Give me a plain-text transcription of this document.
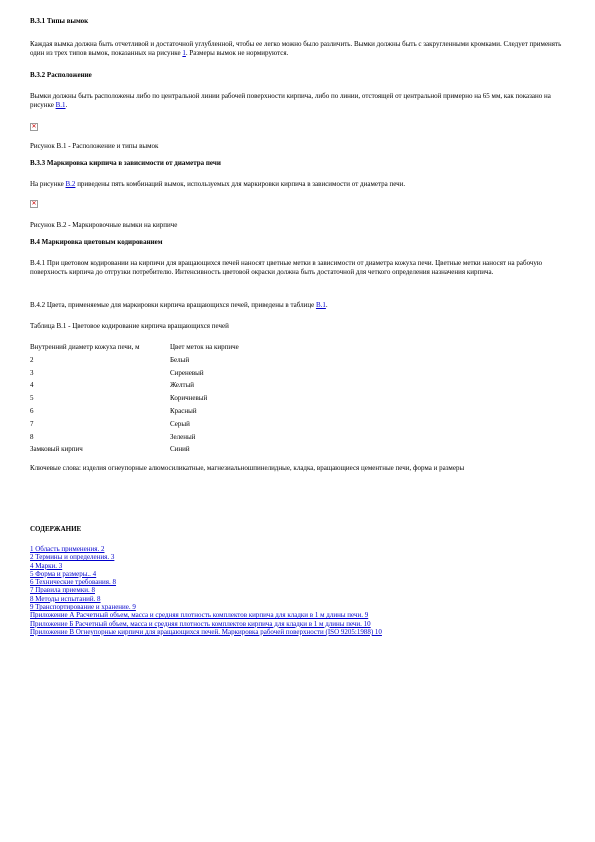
В.3.1 Типы вымок

Каждая вымка должна быть отчетливой и достаточной углубленной, чтобы ее легко можно было различить. Вымки должны быть с закругленными кромками. Следует применять один из трех типов вымок, показанных на рисунке 1. Размеры вымок не нормируются.

В.3.2 Расположение

Вымки должны быть расположены либо по центральной линии рабочей поверхности кирпича, либо по линии, отстоящей от центральной примерно на 65 мм, как показано на рисунке В.1.

✕

Рисунок В.1 - Расположение и типы вымок

В.3.3 Маркировка кирпича в зависимости от диаметра печи

На рисунке В.2 приведены пять комбинаций вымок, используемых для маркировки кирпича в зависимости от диаметра печи.

✕

Рисунок В.2 - Маркировочные вымки на кирпиче

В.4 Маркировка цветовым кодированием

В.4.1 При цветовом кодировании на кирпичи для вращающихся печей наносят цветные метки в зависимости от диаметра кожуха печи. Цветные метки наносят на рабочую поверхность кирпича до отгрузки потребителю. Интенсивность цветовой окраски должна быть достаточной для четкого определения назначения кирпича.

В.4.2 Цвета, применяемые для маркировки кирпича вращающихся печей, приведены в таблице В.1.

Таблица В.1 - Цветовое кодирование кирпича вращающихся печей

Внутренний диаметр кожуха печи, м	Цвет меток на кирпиче
2	Белый
3	Сиреневый
4	Желтый
5	Коричневый
6	Красный
7	Серый
8	Зеленый
Замковый кирпич	Синий

Ключевые слова: изделия огнеупорные алюмосиликатные, магнезиальношпинелидные, кладка, вращающиеся цементные печи, форма и размеры

СОДЕРЖАНИЕ

1 Область применения. 2
2 Термины и определения. 3
4 Марки. 3
5 Форма и размеры.. 4
6 Технические требования. 8
7 Правила приемки. 8
8 Методы испытаний. 8
9 Транспортирование и хранение. 9
Приложение А Расчетный объем, масса и средняя плотность комплектов кирпича для кладки в 1 м длины печи. 9
Приложение Б Расчетный объем, масса и средняя плотность комплектов кирпича для кладки в 1 м длины печи. 10
Приложение В Огнеупорные кирпичи для вращающихся печей. Маркировка рабочей поверхности (ISO 9205:1988) 10
